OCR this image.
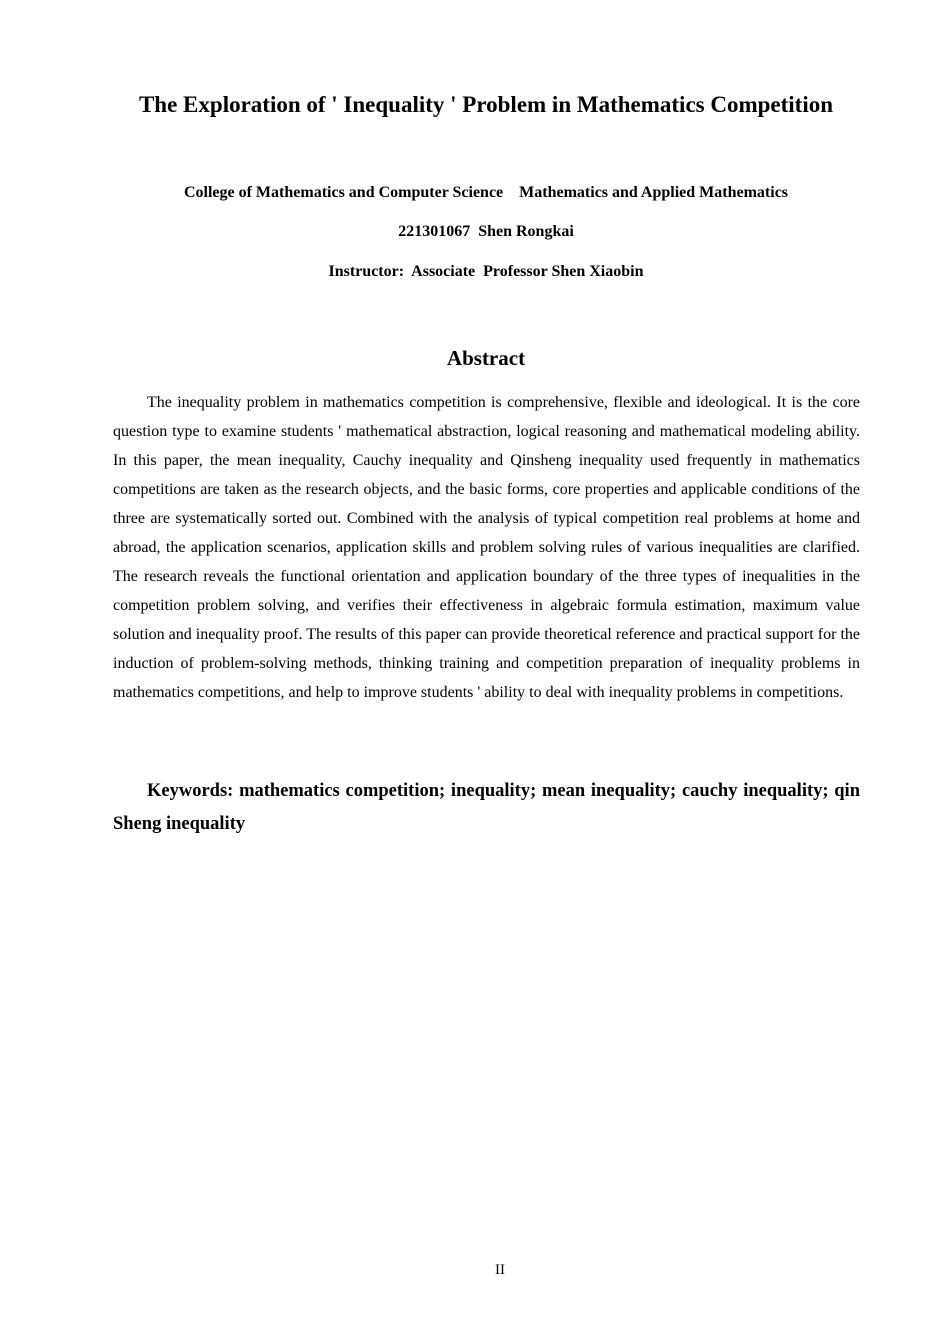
The Exploration of ' Inequality ' Problem in Mathematics Competition
College of Mathematics and Computer Science    Mathematics and Applied Mathematics
221301067  Shen Rongkai
Instructor:  Associate  Professor Shen Xiaobin
Abstract

The inequality problem in mathematics competition is comprehensive, flexible and ideological. It is the core question type to examine students ' mathematical abstraction, logical reasoning and mathematical modeling ability. In this paper, the mean inequality, Cauchy inequality and Qinsheng inequality used frequently in mathematics competitions are taken as the research objects, and the basic forms, core properties and applicable conditions of the three are systematically sorted out. Combined with the analysis of typical competition real problems at home and abroad, the application scenarios, application skills and problem solving rules of various inequalities are clarified. The research reveals the functional orientation and application boundary of the three types of inequalities in the competition problem solving, and verifies their effectiveness in algebraic formula estimation, maximum value solution and inequality proof. The results of this paper can provide theoretical reference and practical support for the induction of problem-solving methods, thinking training and competition preparation of inequality problems in mathematics competitions, and help to improve students ' ability to deal with inequality problems in competitions.

Keywords: mathematics competition; inequality; mean inequality; cauchy inequality; qin Sheng inequality

II
